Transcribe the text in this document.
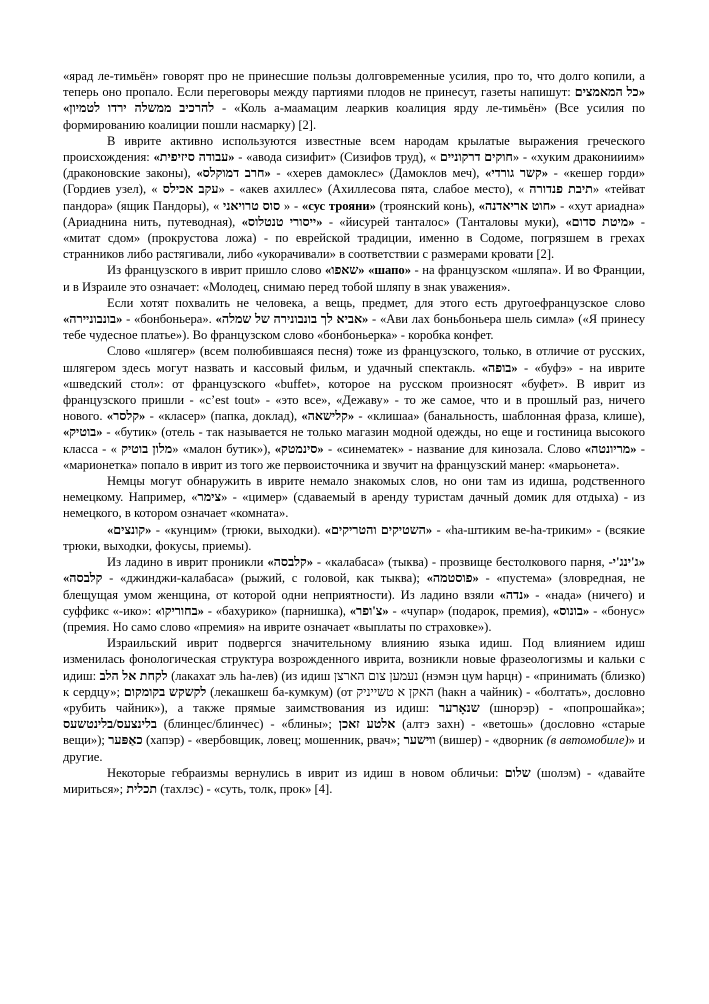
«ярад ле-тимьён» говорят про не принесшие пользы долговременные усилия, про то, что долго копили, а теперь оно пропало. Если переговоры между партиями плодов не принесут, газеты напишут: «כל המאמצים להרכיב ממשלה ירדו לטמיון» - «Коль а-маамацим леаркив коалиция ярду ле-тимьён» (Все усилия по формированию коалиции пошли насмарку) [2].

В иврите активно используются известные всем народам крылатые выражения греческого происхождения: «עבודה סיזיפית» - «авода сизифит» (Сизифов труд), « חוקים דרקוניים» - «хуким драконииим» (драконовские законы), «חרב דמוקלס» - «херев дамоклес» (Дамоклов меч), «קשר גורדי» - «кешер горди» (Гордиев узел), « עקב אכילס» - «акев ахиллес» (Ахиллесова пята, слабое место), « תיבת פנדורה» «тейват пандора» (ящик Пандоры), « סוס טרויאני » - «сус трояни» (троянский конь), «חוט אריאדנה» - «хут ариадна» (Ариаднина нить, путеводная), «ייסורי טנטלוס» - «йисурей танталос» (Танталовы муки), «מיטת סדום» - «митат сдом» (прокрустова ложа) - по еврейской традиции, именно в Содоме, погрязшем в грехах странников либо растягивали, либо «укорачивали» в соответствии с размерами кровати [2].

Из французского в иврит пришло слово «שאפו» «шапо» - на французском «шляпа». И во Франции, и в Израиле это означает: «Молодец, снимаю перед тобой шляпу в знак уважения».

Если хотят похвалить не человека, а вещь, предмет, для этого есть другоефранцузское слово «בונבוניירה» - «бонбоньера». «אביא לך בונבונירה של שמלה» - «Ави лах боньбоньера шель симла» («Я принесу тебе чудесное платье»). Во французском слово «бонбоньерка» - коробка конфет.

Слово «шлягер» (всем полюбившаяся песня) тоже из французского, только, в отличие от русских, шлягером здесь могут назвать и кассовый фильм, и удачный спектакль. «בופה» - «буфэ» - на иврите «шведский стол»: от французского «buffet», которое на русском произносят «буфет». В иврит из французского пришли - «c’est tout» - «это все», «Дежаву» - то же самое, что и в прошлый раз, ничего нового. «קלסר» - «класер» (папка, доклад), «קלישאה» - «клишаа» (банальность, шаблонная фраза, клише), «בוטיק» - «бутик» (отель - так называется не только магазин модной одежды, но еще и гостиница высокого класса - « מלון בוטיק» «малон бутик»), «סינמטק» - «синематек» - название для кинозала. Слово «מריונטה» - «марионетка» попало в иврит из того же первоисточника и звучит на французский манер: «марьонета».

Немцы могут обнаружить в иврите немало знакомых слов, но они там из идиша, родственного немецкому. Например, «צימר» - «цимер» (сдаваемый в аренду туристам дачный домик для отдыха) - из немецкого, в котором означает «комната».

«קונצים» - «кунцим» (трюки, выходки). «השטיקים והטריקים» - «hа-штиким ве-hа-триким» - (всякие трюки, выходки, фокусы, приемы).

Из ладино в иврит проникли «קלבסה» - «калабаса» (тыква) - прозвище бестолкового парня, «ג'ינג'י- קלבסה» - «джинджи-калабаса» (рыжий, с головой, как тыква); «פוסטמה» - «пустема» (зловредная, не блещущая умом женщина, от которой одни неприятности). Из ладино взяли «נדה» - «нада» (ничего) и суффикс «-ико»: «בחוריקו» - «бахурико» (парнишка), «צ'ופר» - «чупар» (подарок, премия), «בונוס» - «бонус» (премия. Но само слово «премия» на иврите означает «выплаты по страховке»).

Израильский иврит подвергся значительному влиянию языка идиш. Под влиянием идиш изменилась фонологическая структура возрожденного иврита, возникли новые фразеологизмы и кальки с идиш: לקחת אל הלב (лакахат эль hа-лев) (из идиш נעמען צום הארצן (нэмэн цум hарцн) - «принимать (близко) к сердцу»; לקשקש בקומקום (лекашкеш ба-кумкум) (от האקן א טשייניק (hакн а чайник) - «болтать», дословно «рубить чайник»), а также прямые заимствования из идиш: שנאָרער (шнорэр) - «попрошайка»; בלינצעס/בלינטשעס (блинцес/блинчес) - «блины»; אלטע זאכן (алтэ захн) - «ветошь» (дословно «старые вещи»); כאַפּער (хапэр) - «вербовщик, ловец; мошенник, рвач»; ווישער (вишер) - «дворник (в автомобиле)» и другие.

Некоторые гебраизмы вернулись в иврит из идиш в новом обличьи: שלום (шолэм) - «давайте мириться»; תכלית (тахлэс) - «суть, толк, прок» [4].
